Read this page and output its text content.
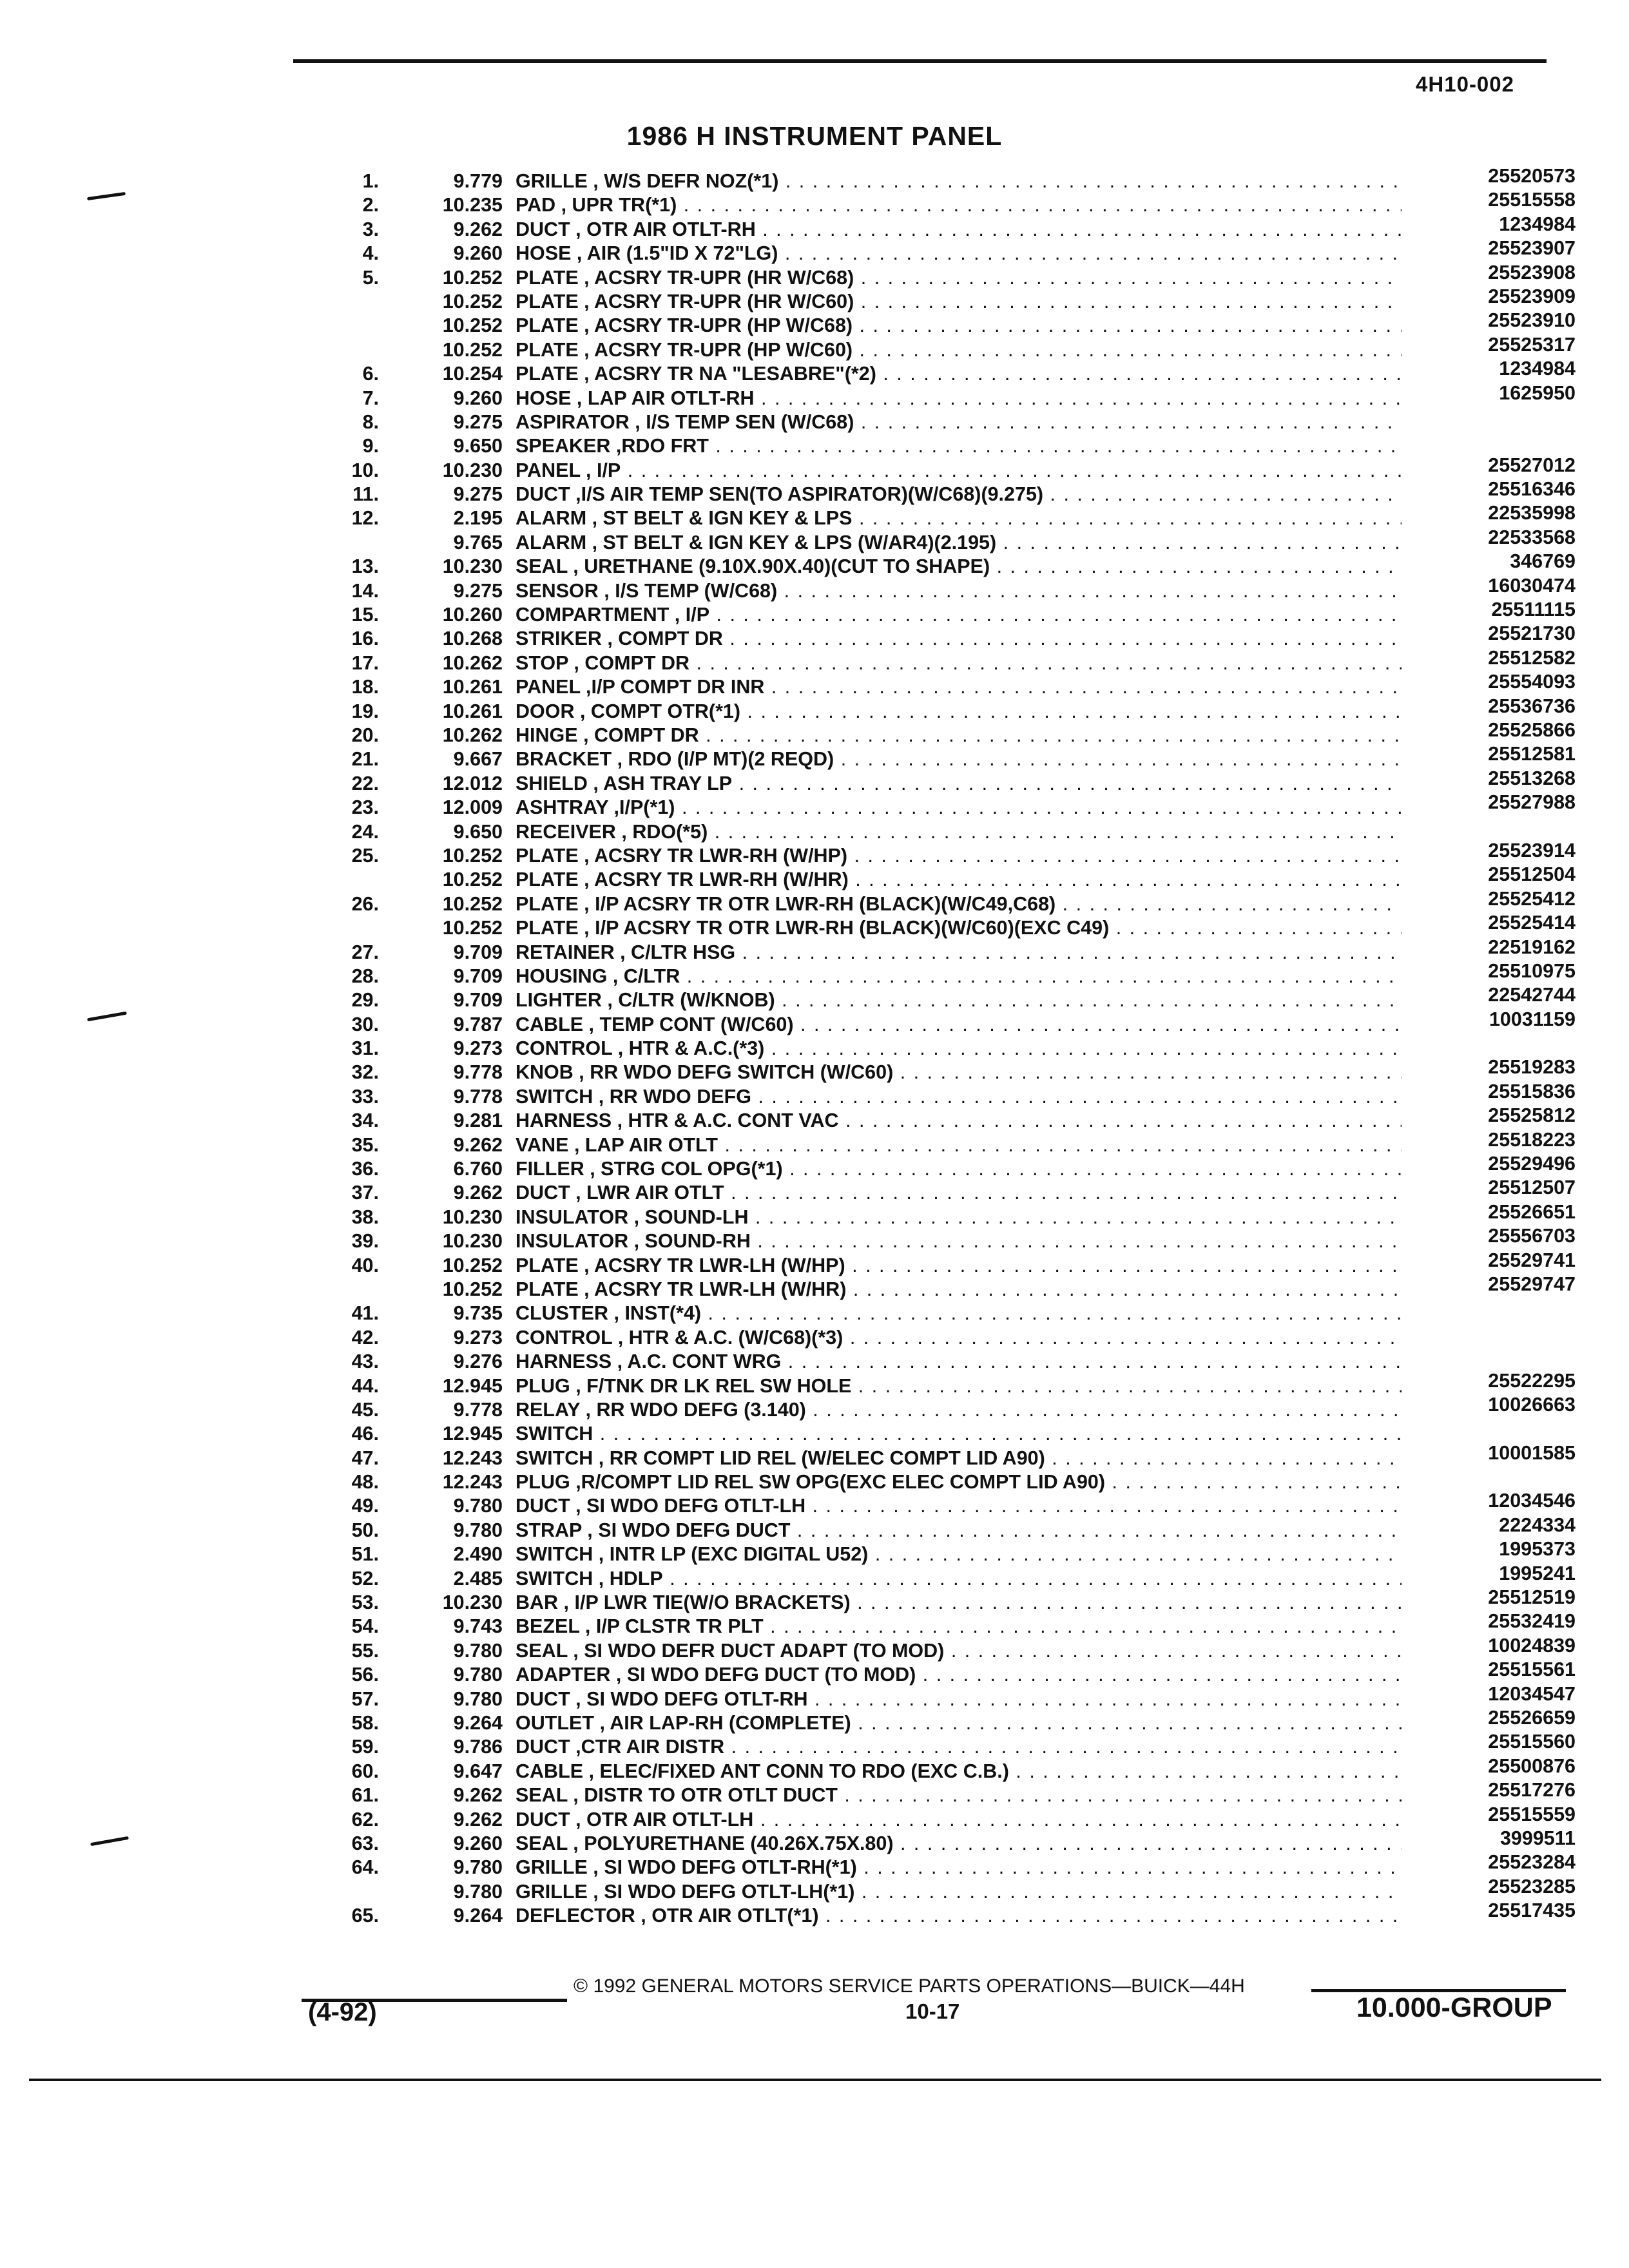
4H10-002
1986 H INSTRUMENT PANEL
1.	9.779 GRILLE , W/S DEFR NOZ(*1) . . .	25520573
2.	10.235 PAD , UPR TR(*1) . . .	25515558
3.	9.262 DUCT , OTR AIR OTLT-RH . . .	1234984
4.	9.260 HOSE , AIR (1.5"ID X 72"LG) . . .	25523907
5.	10.252 PLATE , ACSRY TR-UPR (HR W/C68) . . .	25523908
10.252 PLATE , ACSRY TR-UPR (HR W/C60) . . .	25523909
10.252 PLATE , ACSRY TR-UPR (HP W/C68) . . .	25523910
10.252 PLATE , ACSRY TR-UPR (HP W/C60) . . .	25525317
6.	10.254 PLATE , ACSRY TR NA "LESABRE"(*2) . . .	1234984
7.	9.260 HOSE , LAP AIR OTLT-RH . . .	1625950
8.	9.275 ASPIRATOR , I/S TEMP SEN (W/C68) . . .
9.	9.650 SPEAKER ,RDO FRT . . .
10.	10.230 PANEL , I/P . . .	25527012
11.	9.275 DUCT ,I/S AIR TEMP SEN(TO ASPIRATOR)(W/C68)(9.275) . . .	25516346
12.	2.195 ALARM , ST BELT & IGN KEY & LPS . . .	22535998
9.765 ALARM , ST BELT & IGN KEY & LPS (W/AR4)(2.195) . . .	22533568
13.	10.230 SEAL , URETHANE (9.10X.90X.40)(CUT TO SHAPE) . . .	346769
14.	9.275 SENSOR , I/S TEMP (W/C68) . . .	16030474
15.	10.260 COMPARTMENT , I/P . . .	25511115
16.	10.268 STRIKER , COMPT DR . . .	25521730
17.	10.262 STOP , COMPT DR . . .	25512582
18.	10.261 PANEL ,I/P COMPT DR INR . . .	25554093
19.	10.261 DOOR , COMPT OTR(*1) . . .	25536736
20.	10.262 HINGE , COMPT DR . . .	25525866
21.	9.667 BRACKET , RDO (I/P MT)(2 REQD) . . .	25512581
22.	12.012 SHIELD , ASH TRAY LP . . .	25513268
23.	12.009 ASHTRAY ,I/P(*1) . . .	25527988
24.	9.650 RECEIVER , RDO(*5) . . .
25.	10.252 PLATE , ACSRY TR LWR-RH (W/HP) . . .	25523914
10.252 PLATE , ACSRY TR LWR-RH (W/HR) . . .	25512504
26.	10.252 PLATE , I/P ACSRY TR OTR LWR-RH (BLACK)(W/C49,C68) . . .	25525412
10.252 PLATE , I/P ACSRY TR OTR LWR-RH (BLACK)(W/C60)(EXC C49) . . .	25525414
27.	9.709 RETAINER , C/LTR HSG . . .	22519162
28.	9.709 HOUSING , C/LTR . . .	25510975
29.	9.709 LIGHTER , C/LTR (W/KNOB) . . .	22542744
30.	9.787 CABLE , TEMP CONT (W/C60) . . .	10031159
31.	9.273 CONTROL , HTR & A.C.(*3) . . .
32.	9.778 KNOB , RR WDO DEFG SWITCH (W/C60) . . .	25519283
33.	9.778 SWITCH , RR WDO DEFG . . .	25515836
34.	9.281 HARNESS , HTR & A.C. CONT VAC . . .	25525812
35.	9.262 VANE , LAP AIR OTLT . . .	25518223
36.	6.760 FILLER , STRG COL OPG(*1) . . .	25529496
37.	9.262 DUCT , LWR AIR OTLT . . .	25512507
38.	10.230 INSULATOR , SOUND-LH . . .	25526651
39.	10.230 INSULATOR , SOUND-RH . . .	25556703
40.	10.252 PLATE , ACSRY TR LWR-LH (W/HP) . . .	25529741
10.252 PLATE , ACSRY TR LWR-LH (W/HR) . . .	25529747
41.	9.735 CLUSTER , INST(*4) . . .
42.	9.273 CONTROL , HTR & A.C. (W/C68)(*3) . . .
43.	9.276 HARNESS , A.C. CONT WRG . . .
44.	12.945 PLUG , F/TNK DR LK REL SW HOLE . . .	25522295
45.	9.778 RELAY , RR WDO DEFG (3.140) . . .	10026663
46.	12.945 SWITCH . . .
47.	12.243 SWITCH , RR COMPT LID REL (W/ELEC COMPT LID A90) . . .	10001585
48.	12.243 PLUG ,R/COMPT LID REL SW OPG(EXC ELEC COMPT LID A90) . . .
49.	9.780 DUCT , SI WDO DEFG OTLT-LH . . .	12034546
50.	9.780 STRAP , SI WDO DEFG DUCT . . .	2224334
51.	2.490 SWITCH , INTR LP (EXC DIGITAL U52) . . .	1995373
52.	2.485 SWITCH , HDLP . . .	1995241
53.	10.230 BAR , I/P LWR TIE(W/O BRACKETS) . . .	25512519
54.	9.743 BEZEL , I/P CLSTR TR PLT . . .	25532419
55.	9.780 SEAL , SI WDO DEFR DUCT ADAPT (TO MOD) . . .	10024839
56.	9.780 ADAPTER , SI WDO DEFG DUCT (TO MOD) . . .	25515561
57.	9.780 DUCT , SI WDO DEFG OTLT-RH . . .	12034547
58.	9.264 OUTLET , AIR LAP-RH (COMPLETE) . . .	25526659
59.	9.786 DUCT ,CTR AIR DISTR . . .	25515560
60.	9.647 CABLE , ELEC/FIXED ANT CONN TO RDO (EXC C.B.) . . .	25500876
61.	9.262 SEAL , DISTR TO OTR OTLT DUCT . . .	25517276
62.	9.262 DUCT , OTR AIR OTLT-LH . . .	25515559
63.	9.260 SEAL , POLYURETHANE (40.26X.75X.80) . . .	3999511
64.	9.780 GRILLE , SI WDO DEFG OTLT-RH(*1) . . .	25523284
9.780 GRILLE , SI WDO DEFG OTLT-LH(*1) . . .	25523285
65.	9.264 DEFLECTOR , OTR AIR OTLT(*1) . . .	25517435
© 1992 GENERAL MOTORS SERVICE PARTS OPERATIONS—BUICK—44H
(4-92)	10-17	10.000-GROUP
